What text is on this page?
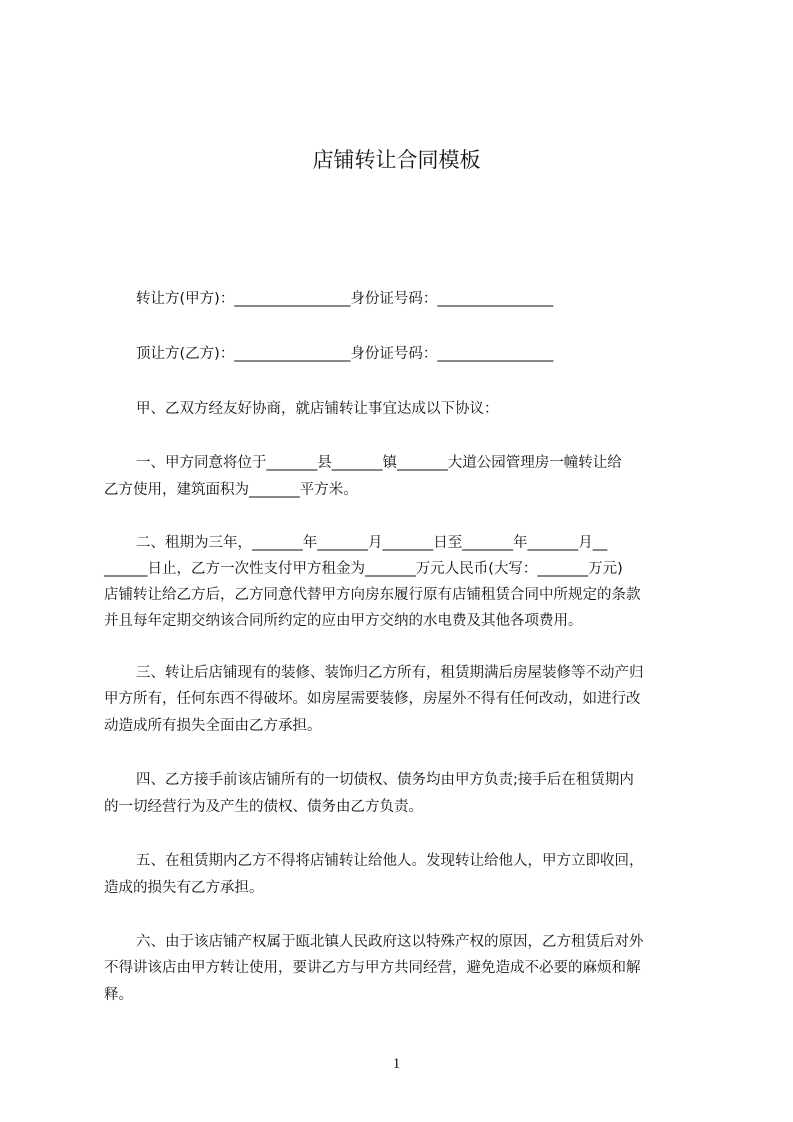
店铺转让合同模板
转让方(甲方)：________________身份证号码：________________
顶让方(乙方)：________________身份证号码：________________
甲、乙双方经友好协商，就店铺转让事宜达成以下协议：
一、甲方同意将位于_______县_______镇_______大道公园管理房一幢转让给
乙方使用，建筑面积为_______平方米。
二、租期为三年，_______年_______月_______日至_______年_______月__
______日止，乙方一次性支付甲方租金为_______万元人民币(大写：_______万元)
店铺转让给乙方后，乙方同意代替甲方向房东履行原有店铺租赁合同中所规定的条款
并且每年定期交纳该合同所约定的应由甲方交纳的水电费及其他各项费用。
三、转让后店铺现有的装修、装饰归乙方所有，租赁期满后房屋装修等不动产归
甲方所有，任何东西不得破坏。如房屋需要装修，房屋外不得有任何改动，如进行改
动造成所有损失全面由乙方承担。
四、乙方接手前该店铺所有的一切债权、债务均由甲方负责;接手后在租赁期内
的一切经营行为及产生的债权、债务由乙方负责。
五、在租赁期内乙方不得将店铺转让给他人。发现转让给他人，甲方立即收回，
造成的损失有乙方承担。
六、由于该店铺产权属于瓯北镇人民政府这以特殊产权的原因，乙方租赁后对外
不得讲该店由甲方转让使用，要讲乙方与甲方共同经营，避免造成不必要的麻烦和解
释。
1
